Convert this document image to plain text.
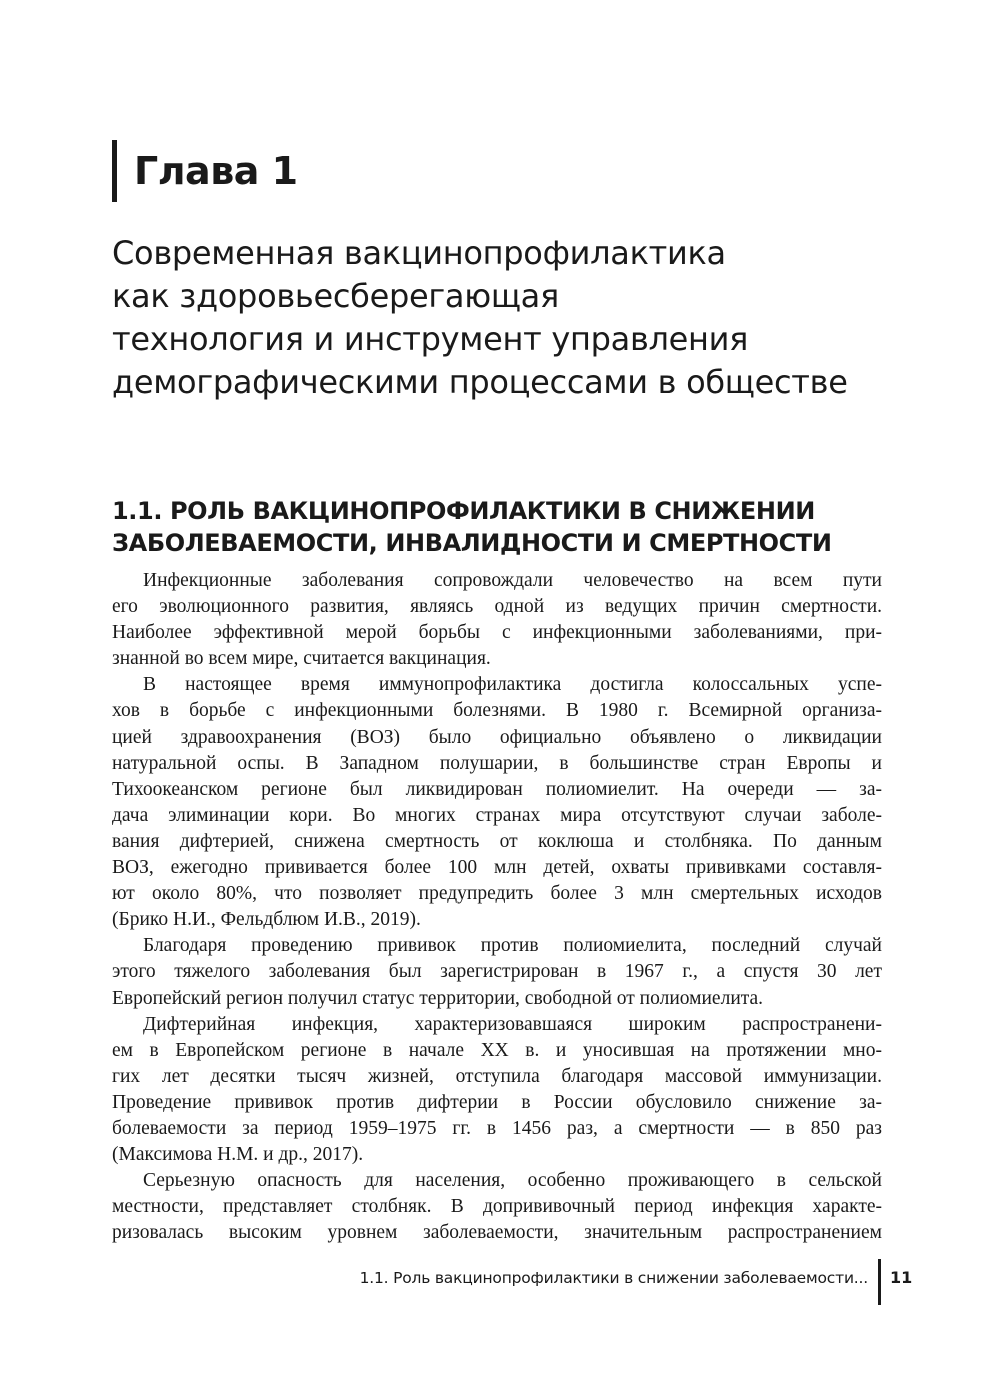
Глава 1
Современная вакцинопрофилактика
как здоровьесберегающая
технология и инструмент управления
демографическими процессами в обществе
1.1. РОЛЬ ВАКЦИНОПРОФИЛАКТИКИ В СНИЖЕНИИ
ЗАБОЛЕВАЕМОСТИ, ИНВАЛИДНОСТИ И СМЕРТНОСТИ

Инфекционные заболевания сопровождали человечество на всем пути
его эволюционного развития, являясь одной из ведущих причин смертности.
Наиболее эффективной мерой борьбы с инфекционными заболеваниями, при-
знанной во всем мире, считается вакцинация.

В настоящее время иммунопрофилактика достигла колоссальных успе-
хов в борьбе с инфекционными болезнями. В 1980 г. Всемирной организа-
цией здравоохранения (ВОЗ) было официально объявлено о ликвидации
натуральной оспы. В Западном полушарии, в большинстве стран Европы и
Тихоокеанском регионе был ликвидирован полиомиелит. На очереди — за-
дача элиминации кори. Во многих странах мира отсутствуют случаи заболе-
вания дифтерией, снижена смертность от коклюша и столбняка. По данным
ВОЗ, ежегодно прививается более 100 млн детей, охваты прививками составля-
ют около 80%, что позволяет предупредить более 3 млн смертельных исходов
(Брико Н.И., Фельдблюм И.В., 2019).

Благодаря проведению прививок против полиомиелита, последний случай
этого тяжелого заболевания был зарегистрирован в 1967 г., а спустя 30 лет
Европейский регион получил статус территории, свободной от полиомиелита.

Дифтерийная инфекция, характеризовавшаяся широким распространени-
ем в Европейском регионе в начале XX в. и уносившая на протяжении мно-
гих лет десятки тысяч жизней, отступила благодаря массовой иммунизации.
Проведение прививок против дифтерии в России обусловило снижение за-
болеваемости за период 1959–1975 гг. в 1456 раз, а смертности — в 850 раз
(Максимова Н.М. и др., 2017).

Серьезную опасность для населения, особенно проживающего в сельской
местности, представляет столбняк. В допрививочный период инфекция характе-
ризовалась высоким уровнем заболеваемости, значительным распространением

1.1. Роль вакцинопрофилактики в снижении заболеваемости... 11
